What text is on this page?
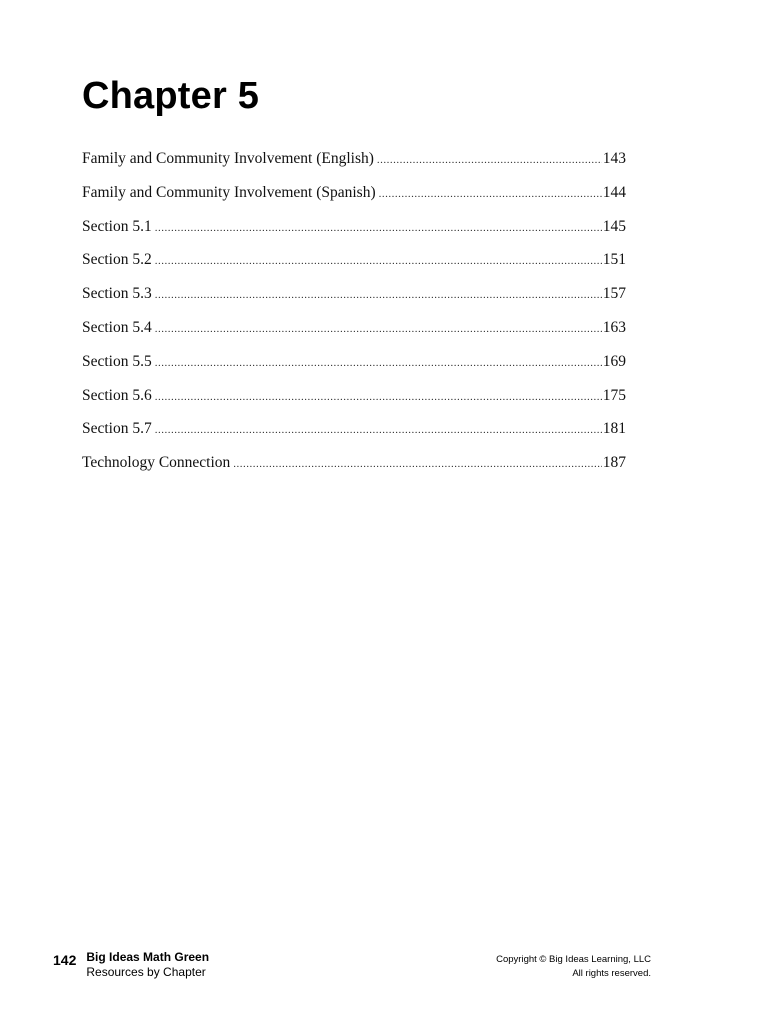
Chapter 5
Family and Community Involvement (English) .....	143
Family and Community Involvement (Spanish) .....	144
Section 5.1 .....	145
Section 5.2 .....	151
Section 5.3 .....	157
Section 5.4 .....	163
Section 5.5 .....	169
Section 5.6 .....	175
Section 5.7 .....	181
Technology Connection .....	187
142 Big Ideas Math Green
Resources by Chapter
Copyright © Big Ideas Learning, LLC
All rights reserved.
